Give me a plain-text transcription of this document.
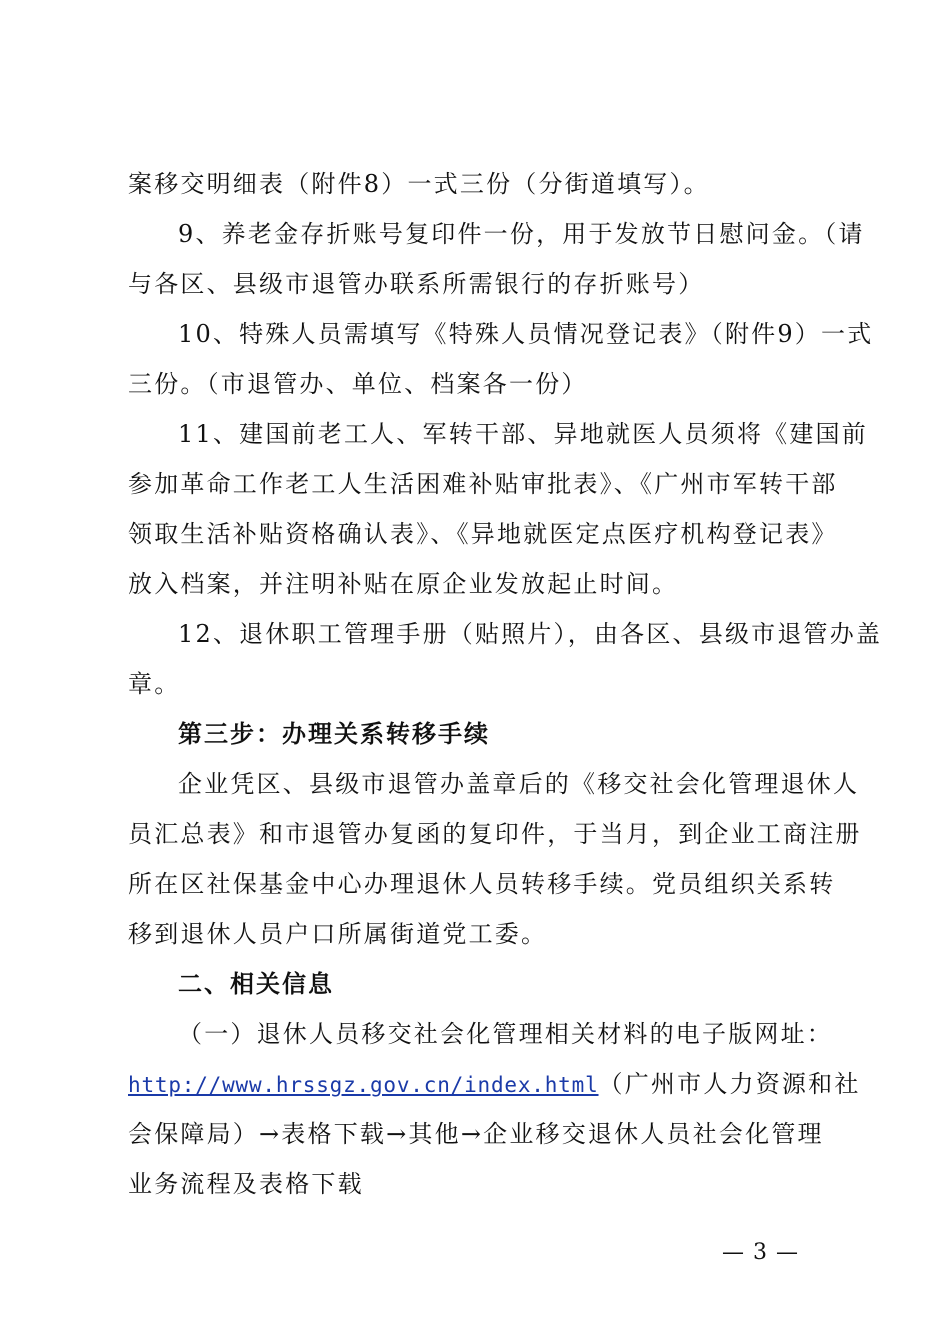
案移交明细表（附件8）一式三份（分街道填写）。
9、养老金存折账号复印件一份，用于发放节日慰问金。（请
与各区、县级市退管办联系所需银行的存折账号）
10、特殊人员需填写《特殊人员情况登记表》（附件9）一式
三份。（市退管办、单位、档案各一份）
11、建国前老工人、军转干部、异地就医人员须将《建国前
参加革命工作老工人生活困难补贴审批表》、《广州市军转干部
领取生活补贴资格确认表》、《异地就医定点医疗机构登记表》
放入档案，并注明补贴在原企业发放起止时间。
12、退休职工管理手册（贴照片），由各区、县级市退管办盖
章。
第三步：办理关系转移手续
企业凭区、县级市退管办盖章后的《移交社会化管理退休人
员汇总表》和市退管办复函的复印件，于当月，到企业工商注册
所在区社保基金中心办理退休人员转移手续。党员组织关系转
移到退休人员户口所属街道党工委。
二、相关信息
（一）退休人员移交社会化管理相关材料的电子版网址：
http://www.hrssgz.gov.cn/index.html（广州市人力资源和社
会保障局）→表格下载→其他→企业移交退休人员社会化管理
业务流程及表格下载
— 3 —
